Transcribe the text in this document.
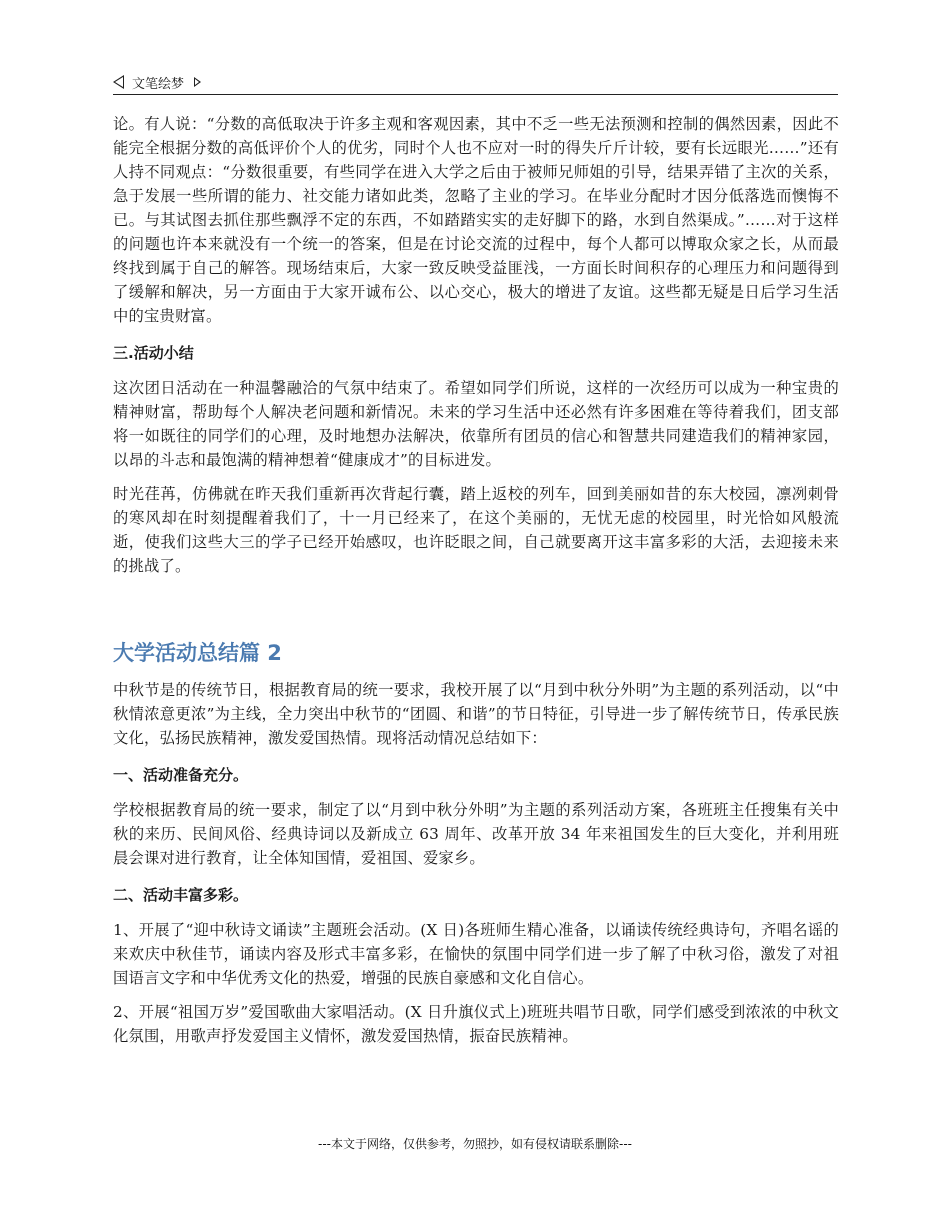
文笔绘梦

论。有人说：“分数的高低取决于许多主观和客观因素，其中不乏一些无法预测和控制的偶然因素，因此不能完全根据分数的高低评价个人的优劣，同时个人也不应对一时的得失斤斤计较，要有长远眼光……”还有人持不同观点：“分数很重要，有些同学在进入大学之后由于被师兄师姐的引导，结果弄错了主次的关系，急于发展一些所谓的能力、社交能力诸如此类，忽略了主业的学习。在毕业分配时才因分低落选而懊悔不已。与其试图去抓住那些飘浮不定的东西，不如踏踏实实的走好脚下的路，水到自然渠成。”……对于这样的问题也许本来就没有一个统一的答案，但是在讨论交流的过程中，每个人都可以博取众家之长，从而最终找到属于自己的解答。现场结束后，大家一致反映受益匪浅，一方面长时间积存的心理压力和问题得到了缓解和解决，另一方面由于大家开诚布公、以心交心，极大的增进了友谊。这些都无疑是日后学习生活中的宝贵财富。

三.活动小结

这次团日活动在一种温馨融洽的气氛中结束了。希望如同学们所说，这样的一次经历可以成为一种宝贵的精神财富，帮助每个人解决老问题和新情况。未来的学习生活中还必然有许多困难在等待着我们，团支部将一如既往的同学们的心理，及时地想办法解决，依靠所有团员的信心和智慧共同建造我们的精神家园，以昂的斗志和最饱满的精神想着“健康成才”的目标进发。

时光荏苒，仿佛就在昨天我们重新再次背起行囊，踏上返校的列车，回到美丽如昔的东大校园，凛冽刺骨的寒风却在时刻提醒着我们了，十一月已经来了，在这个美丽的，无忧无虑的校园里，时光恰如风般流逝，使我们这些大三的学子已经开始感叹，也许眨眼之间，自己就要离开这丰富多彩的大活，去迎接未来的挑战了。

大学活动总结篇 2

中秋节是的传统节日，根据教育局的统一要求，我校开展了以“月到中秋分外明”为主题的系列活动，以“中秋情浓意更浓”为主线，全力突出中秋节的“团圆、和谐”的节日特征，引导进一步了解传统节日，传承民族文化，弘扬民族精神，激发爱国热情。现将活动情况总结如下：

一、活动准备充分。

学校根据教育局的统一要求，制定了以“月到中秋分外明”为主题的系列活动方案，各班班主任搜集有关中秋的来历、民间风俗、经典诗词以及新成立 63 周年、改革开放 34 年来祖国发生的巨大变化，并利用班晨会课对进行教育，让全体知国情，爱祖国、爱家乡。

二、活动丰富多彩。

1、开展了“迎中秋诗文诵读”主题班会活动。(X 日)各班师生精心准备，以诵读传统经典诗句，齐唱名谣的来欢庆中秋佳节，诵读内容及形式丰富多彩，在愉快的氛围中同学们进一步了解了中秋习俗，激发了对祖国语言文字和中华优秀文化的热爱，增强的民族自豪感和文化自信心。

2、开展“祖国万岁”爱国歌曲大家唱活动。(X 日升旗仪式上)班班共唱节日歌，同学们感受到浓浓的中秋文化氛围，用歌声抒发爱国主义情怀，激发爱国热情，振奋民族精神。

---本文于网络，仅供参考，勿照抄，如有侵权请联系删除---
